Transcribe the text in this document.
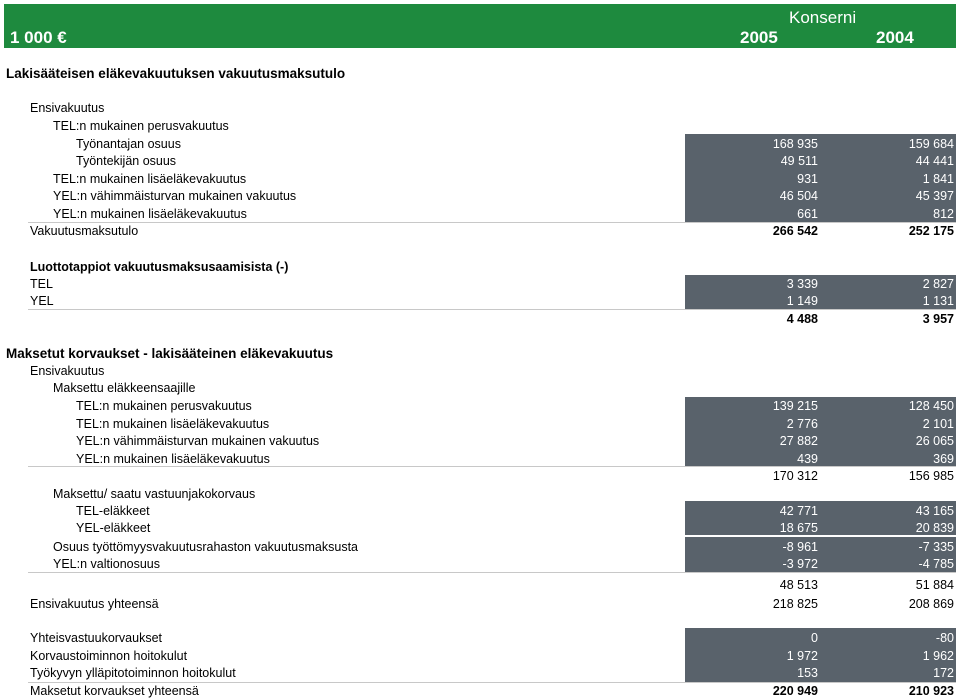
Konserni
1 000 €	2005	2004
Lakisääteisen eläkevakuutuksen vakuutusmaksutulo
Ensivakuutus
TEL:n mukainen perusvakuutus
Työnantajan osuus	168 935	159 684
Työntekijän osuus	49 511	44 441
TEL:n mukainen lisäeläkevakuutus	931	1 841
YEL:n vähimmäisturvan mukainen vakuutus	46 504	45 397
YEL:n mukainen lisäeläkevakuutus	661	812
Vakuutusmaksutulo	266 542	252 175
Luottotappiot vakuutusmaksusaamisista (-)
TEL	3 339	2 827
YEL	1 149	1 131
4 488	3 957
Maksetut korvaukset - lakisääteinen eläkevakuutus
Ensivakuutus
Maksettu eläkkeensaajille
TEL:n mukainen perusvakuutus	139 215	128 450
TEL:n mukainen lisäeläkevakuutus	2 776	2 101
YEL:n vähimmäisturvan mukainen vakuutus	27 882	26 065
YEL:n mukainen lisäeläkevakuutus	439	369
170 312	156 985
Maksettu/ saatu vastuunjakokorvaus
TEL-eläkkeet	42 771	43 165
YEL-eläkkeet	18 675	20 839
Osuus työttömyysvakuutusrahaston vakuutusmaksusta	-8 961	-7 335
YEL:n valtionosuus	-3 972	-4 785
48 513	51 884
Ensivakuutus yhteensä	218 825	208 869
Yhteisvastuukorvaukset	0	-80
Korvaustoiminnon hoitokulut	1 972	1 962
Työkyvyn ylläpitotoiminnon hoitokulut	153	172
Maksetut korvaukset yhteensä	220 949	210 923
